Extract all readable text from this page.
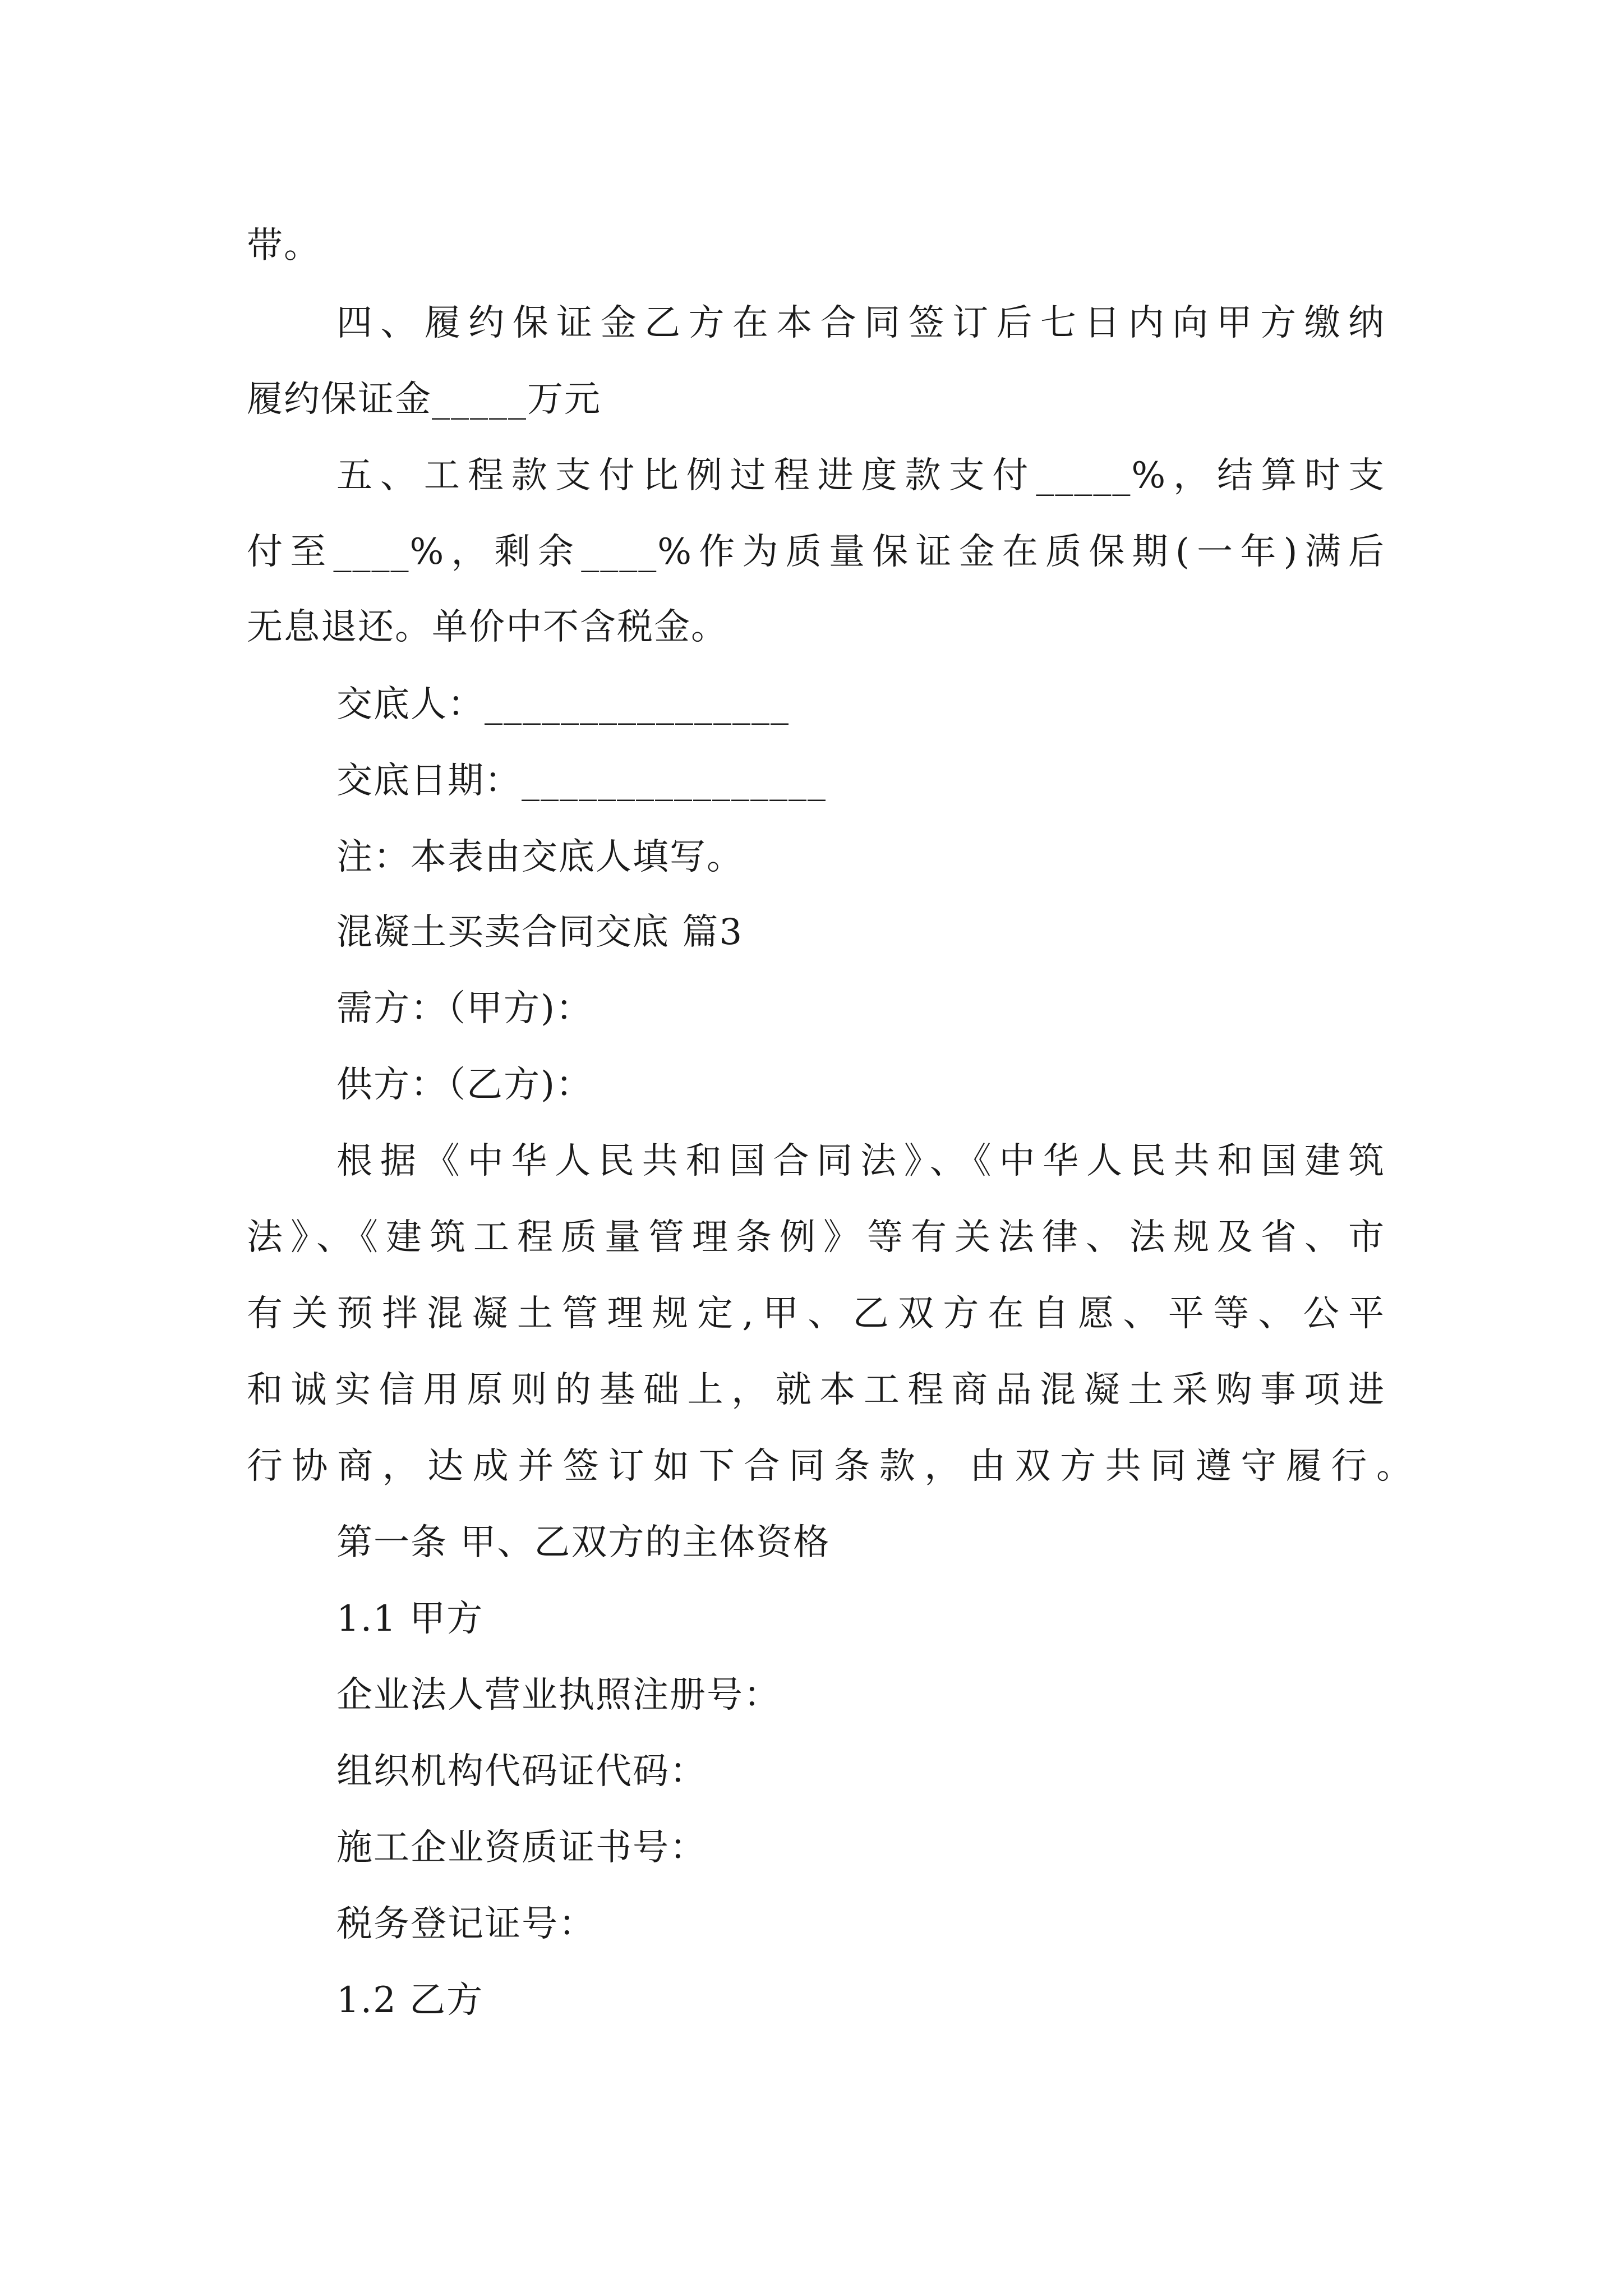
带。
四、履约保证金乙方在本合同签订后七日内向甲方缴纳
履约保证金_____万元
五、工程款支付比例过程进度款支付_____%，结算时支
付至____%，剩余____%作为质量保证金在质保期(一年)满后
无息退还。单价中不含税金。
交底人：________________
交底日期：________________
注：本表由交底人填写。
混凝土买卖合同交底 篇3
需方：（甲方)：
供方：（乙方)：
根据《中华人民共和国合同法》、《中华人民共和国建筑
法》、《建筑工程质量管理条例》等有关法律、法规及省、市
有关预拌混凝土管理规定,甲、乙双方在自愿、平等、公平
和诚实信用原则的基础上，就本工程商品混凝土采购事项进
行协商，达成并签订如下合同条款，由双方共同遵守履行。
第一条 甲、乙双方的主体资格
1.1 甲方
企业法人营业执照注册号：
组织机构代码证代码：
施工企业资质证书号：
税务登记证号：
1.2 乙方
